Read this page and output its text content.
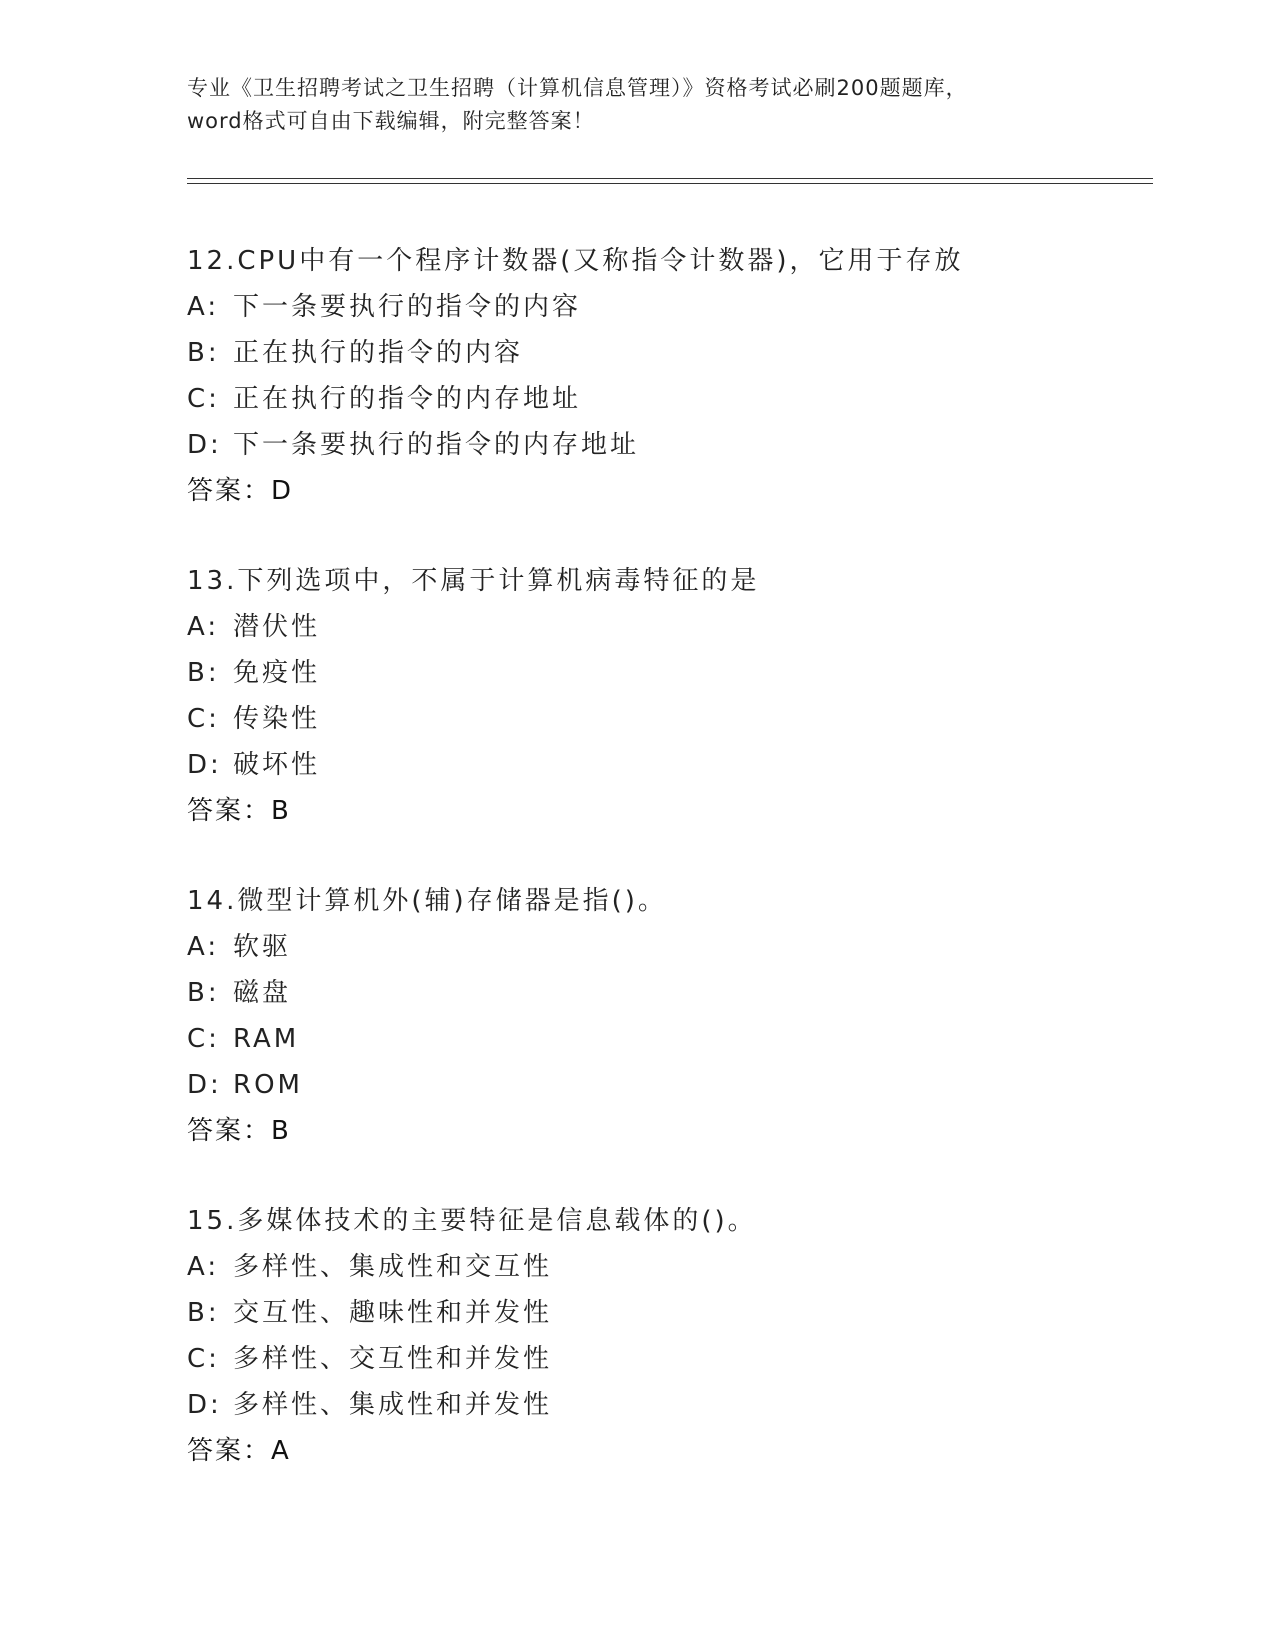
专业《卫生招聘考试之卫生招聘（计算机信息管理）》资格考试必刷200题题库，
word格式可自由下载编辑，附完整答案！
12.CPU中有一个程序计数器(又称指令计数器)，它用于存放
A: 下一条要执行的指令的内容
B: 正在执行的指令的内容
C: 正在执行的指令的内存地址
D: 下一条要执行的指令的内存地址
答案：D
13.下列选项中，不属于计算机病毒特征的是
A: 潜伏性
B: 免疫性
C: 传染性
D: 破坏性
答案：B
14.微型计算机外(辅)存储器是指()。
A: 软驱
B: 磁盘
C: RAM
D: ROM
答案：B
15.多媒体技术的主要特征是信息载体的()。
A: 多样性、集成性和交互性
B: 交互性、趣味性和并发性
C: 多样性、交互性和并发性
D: 多样性、集成性和并发性
答案：A
